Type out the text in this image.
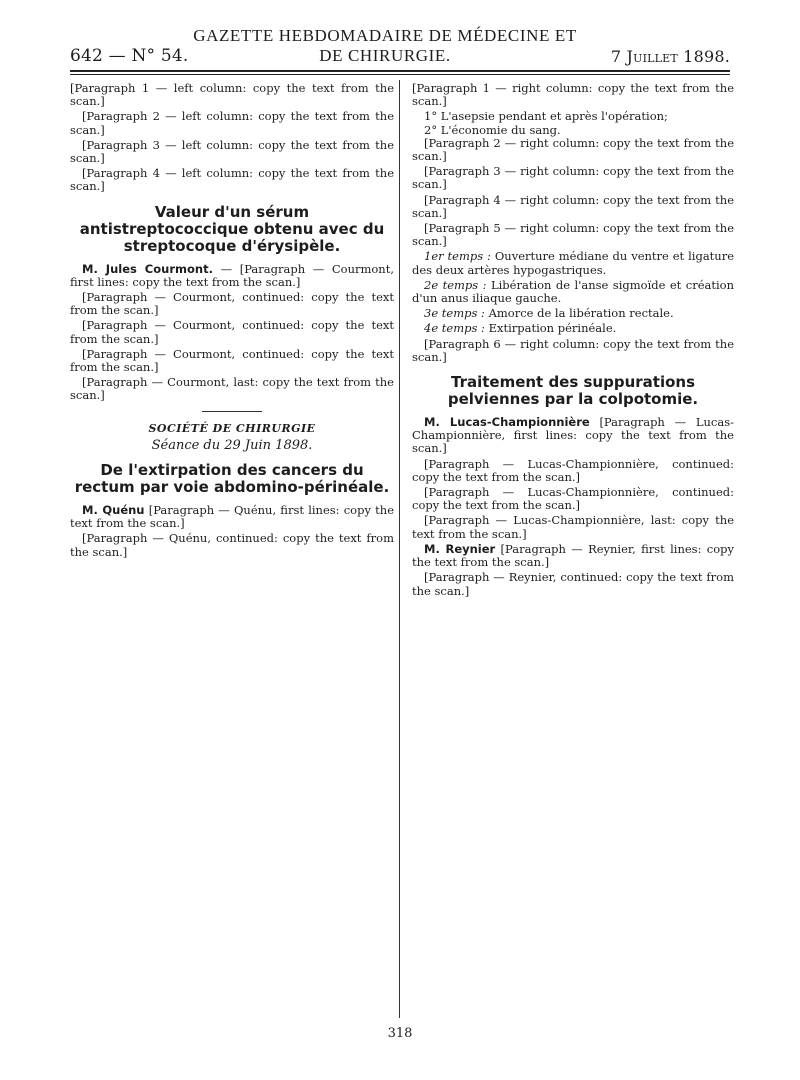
642 — N° 54.
GAZETTE HEBDOMADAIRE DE MÉDECINE ET DE CHIRURGIE.	7 Juillet 1898.

[Paragraph 1 — left column: copy the text from the scan.]

[Paragraph 2 — left column: copy the text from the scan.]

[Paragraph 3 — left column: copy the text from the scan.]

[Paragraph 4 — left column: copy the text from the scan.]

Valeur d'un sérum antistreptococcique obtenu avec du streptocoque d'érysipèle.

M. Jules Courmont. — [Paragraph — Courmont, first lines: copy the text from the scan.]

[Paragraph — Courmont, continued: copy the text from the scan.]

[Paragraph — Courmont, continued: copy the text from the scan.]

[Paragraph — Courmont, continued: copy the text from the scan.]

[Paragraph — Courmont, last: copy the text from the scan.]

SOCIÉTÉ DE CHIRURGIE
Séance du 29 Juin 1898.
De l'extirpation des cancers du rectum par voie abdomino-périnéale.

M. Quénu [Paragraph — Quénu, first lines: copy the text from the scan.]

[Paragraph — Quénu, continued: copy the text from the scan.]

[Paragraph 1 — right column: copy the text from the scan.]

1° L'asepsie pendant et après l'opération;

2° L'économie du sang.

[Paragraph 2 — right column: copy the text from the scan.]

[Paragraph 3 — right column: copy the text from the scan.]

[Paragraph 4 — right column: copy the text from the scan.]

[Paragraph 5 — right column: copy the text from the scan.]

1er temps : Ouverture médiane du ventre et ligature des deux artères hypogastriques.

2e temps : Libération de l'anse sigmoïde et création d'un anus iliaque gauche.

3e temps : Amorce de la libération rectale.

4e temps : Extirpation périnéale.

[Paragraph 6 — right column: copy the text from the scan.]

Traitement des suppurations pelviennes par la colpotomie.

M. Lucas-Championnière [Paragraph — Lucas-Championnière, first lines: copy the text from the scan.]

[Paragraph — Lucas-Championnière, continued: copy the text from the scan.]

[Paragraph — Lucas-Championnière, continued: copy the text from the scan.]

[Paragraph — Lucas-Championnière, last: copy the text from the scan.]

M. Reynier [Paragraph — Reynier, first lines: copy the text from the scan.]

[Paragraph — Reynier, continued: copy the text from the scan.]

318
